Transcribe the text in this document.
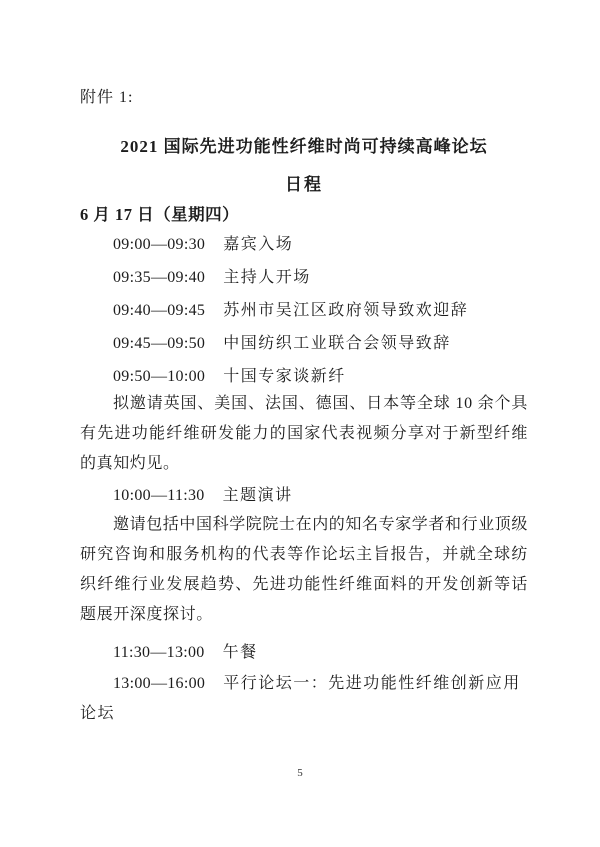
附件 1:
2021 国际先进功能性纤维时尚可持续高峰论坛
日程
6 月 17 日（星期四）
09:00—09:30 嘉宾入场
09:35—09:40 主持人开场
09:40—09:45 苏州市吴江区政府领导致欢迎辞
09:45—09:50 中国纺织工业联合会领导致辞
09:50—10:00 十国专家谈新纤

拟邀请英国、美国、法国、德国、日本等全球 10 余个具有先进功能纤维研发能力的国家代表视频分享对于新型纤维的真知灼见。

10:00—11:30 主题演讲

邀请包括中国科学院院士在内的知名专家学者和行业顶级研究咨询和服务机构的代表等作论坛主旨报告，并就全球纺织纤维行业发展趋势、先进功能性纤维面料的开发创新等话题展开深度探讨。

11:30—13:00 午餐
13:00—16:00 平行论坛一：先进功能性纤维创新应用论坛
5
